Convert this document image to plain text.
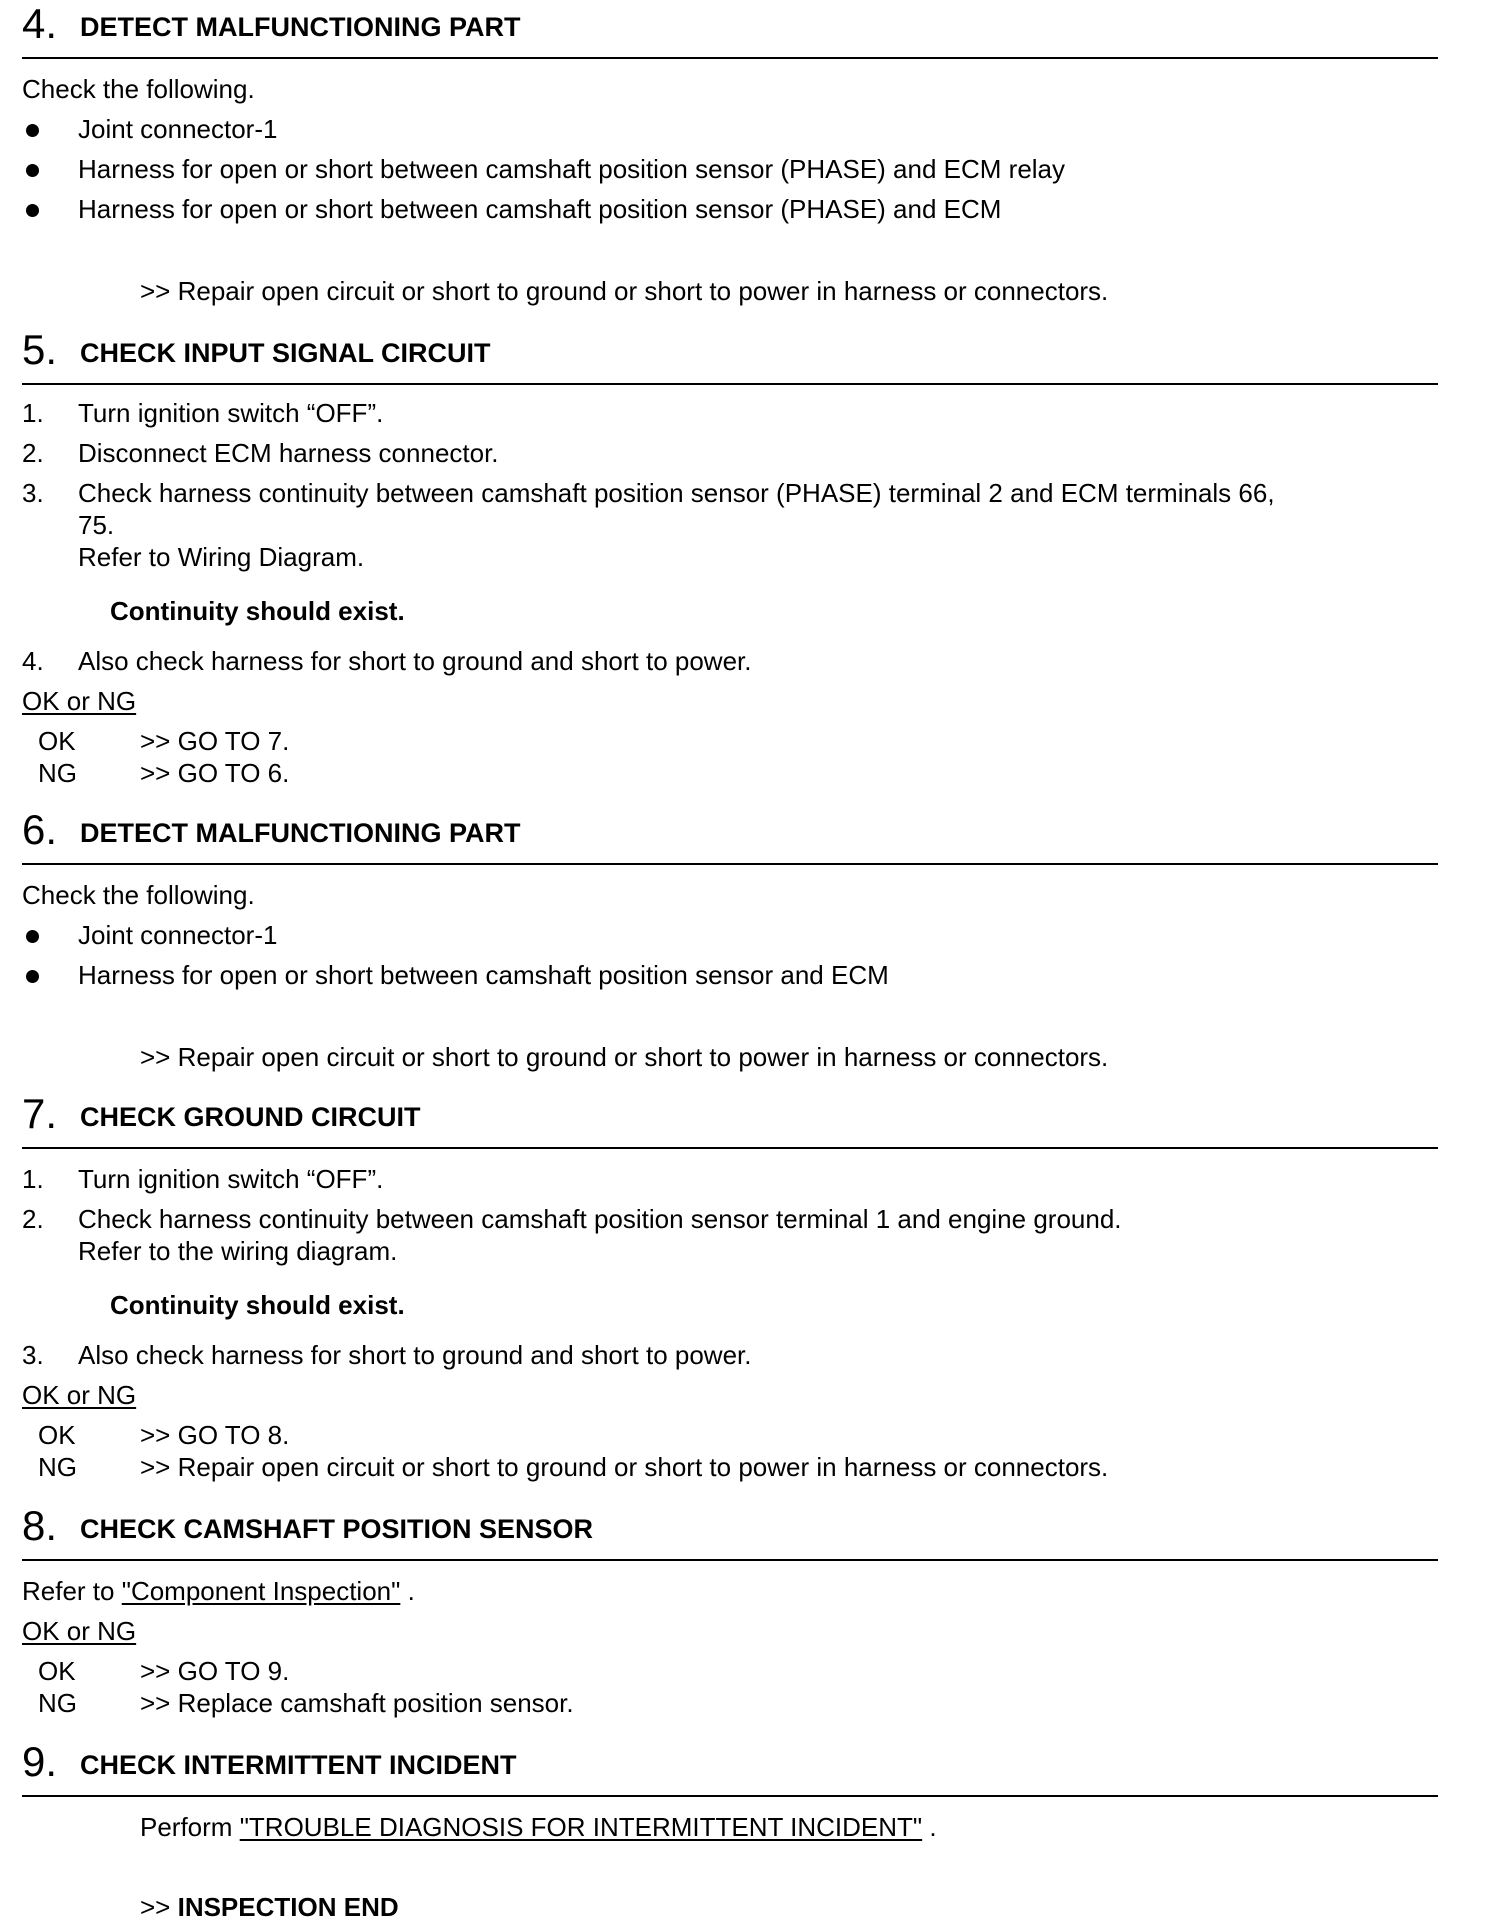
4. DETECT MALFUNCTIONING PART
Check the following.
Joint connector-1
Harness for open or short between camshaft position sensor (PHASE) and ECM relay
Harness for open or short between camshaft position sensor (PHASE) and ECM
>> Repair open circuit or short to ground or short to power in harness or connectors.
5. CHECK INPUT SIGNAL CIRCUIT
1. Turn ignition switch “OFF”.
2. Disconnect ECM harness connector.
3. Check harness continuity between camshaft position sensor (PHASE) terminal 2 and ECM terminals 66,
75.
Refer to Wiring Diagram.
Continuity should exist.
4. Also check harness for short to ground and short to power.
OK or NG
OK >> GO TO 7.
NG >> GO TO 6.
6. DETECT MALFUNCTIONING PART
Check the following.
Joint connector-1
Harness for open or short between camshaft position sensor and ECM
>> Repair open circuit or short to ground or short to power in harness or connectors.
7. CHECK GROUND CIRCUIT
1. Turn ignition switch “OFF”.
2. Check harness continuity between camshaft position sensor terminal 1 and engine ground.
Refer to the wiring diagram.
Continuity should exist.
3. Also check harness for short to ground and short to power.
OK or NG
OK >> GO TO 8.
NG >> Repair open circuit or short to ground or short to power in harness or connectors.
8. CHECK CAMSHAFT POSITION SENSOR
Refer to "Component Inspection" .
OK or NG
OK >> GO TO 9.
NG >> Replace camshaft position sensor.
9. CHECK INTERMITTENT INCIDENT
Perform "TROUBLE DIAGNOSIS FOR INTERMITTENT INCIDENT" .
>> INSPECTION END
